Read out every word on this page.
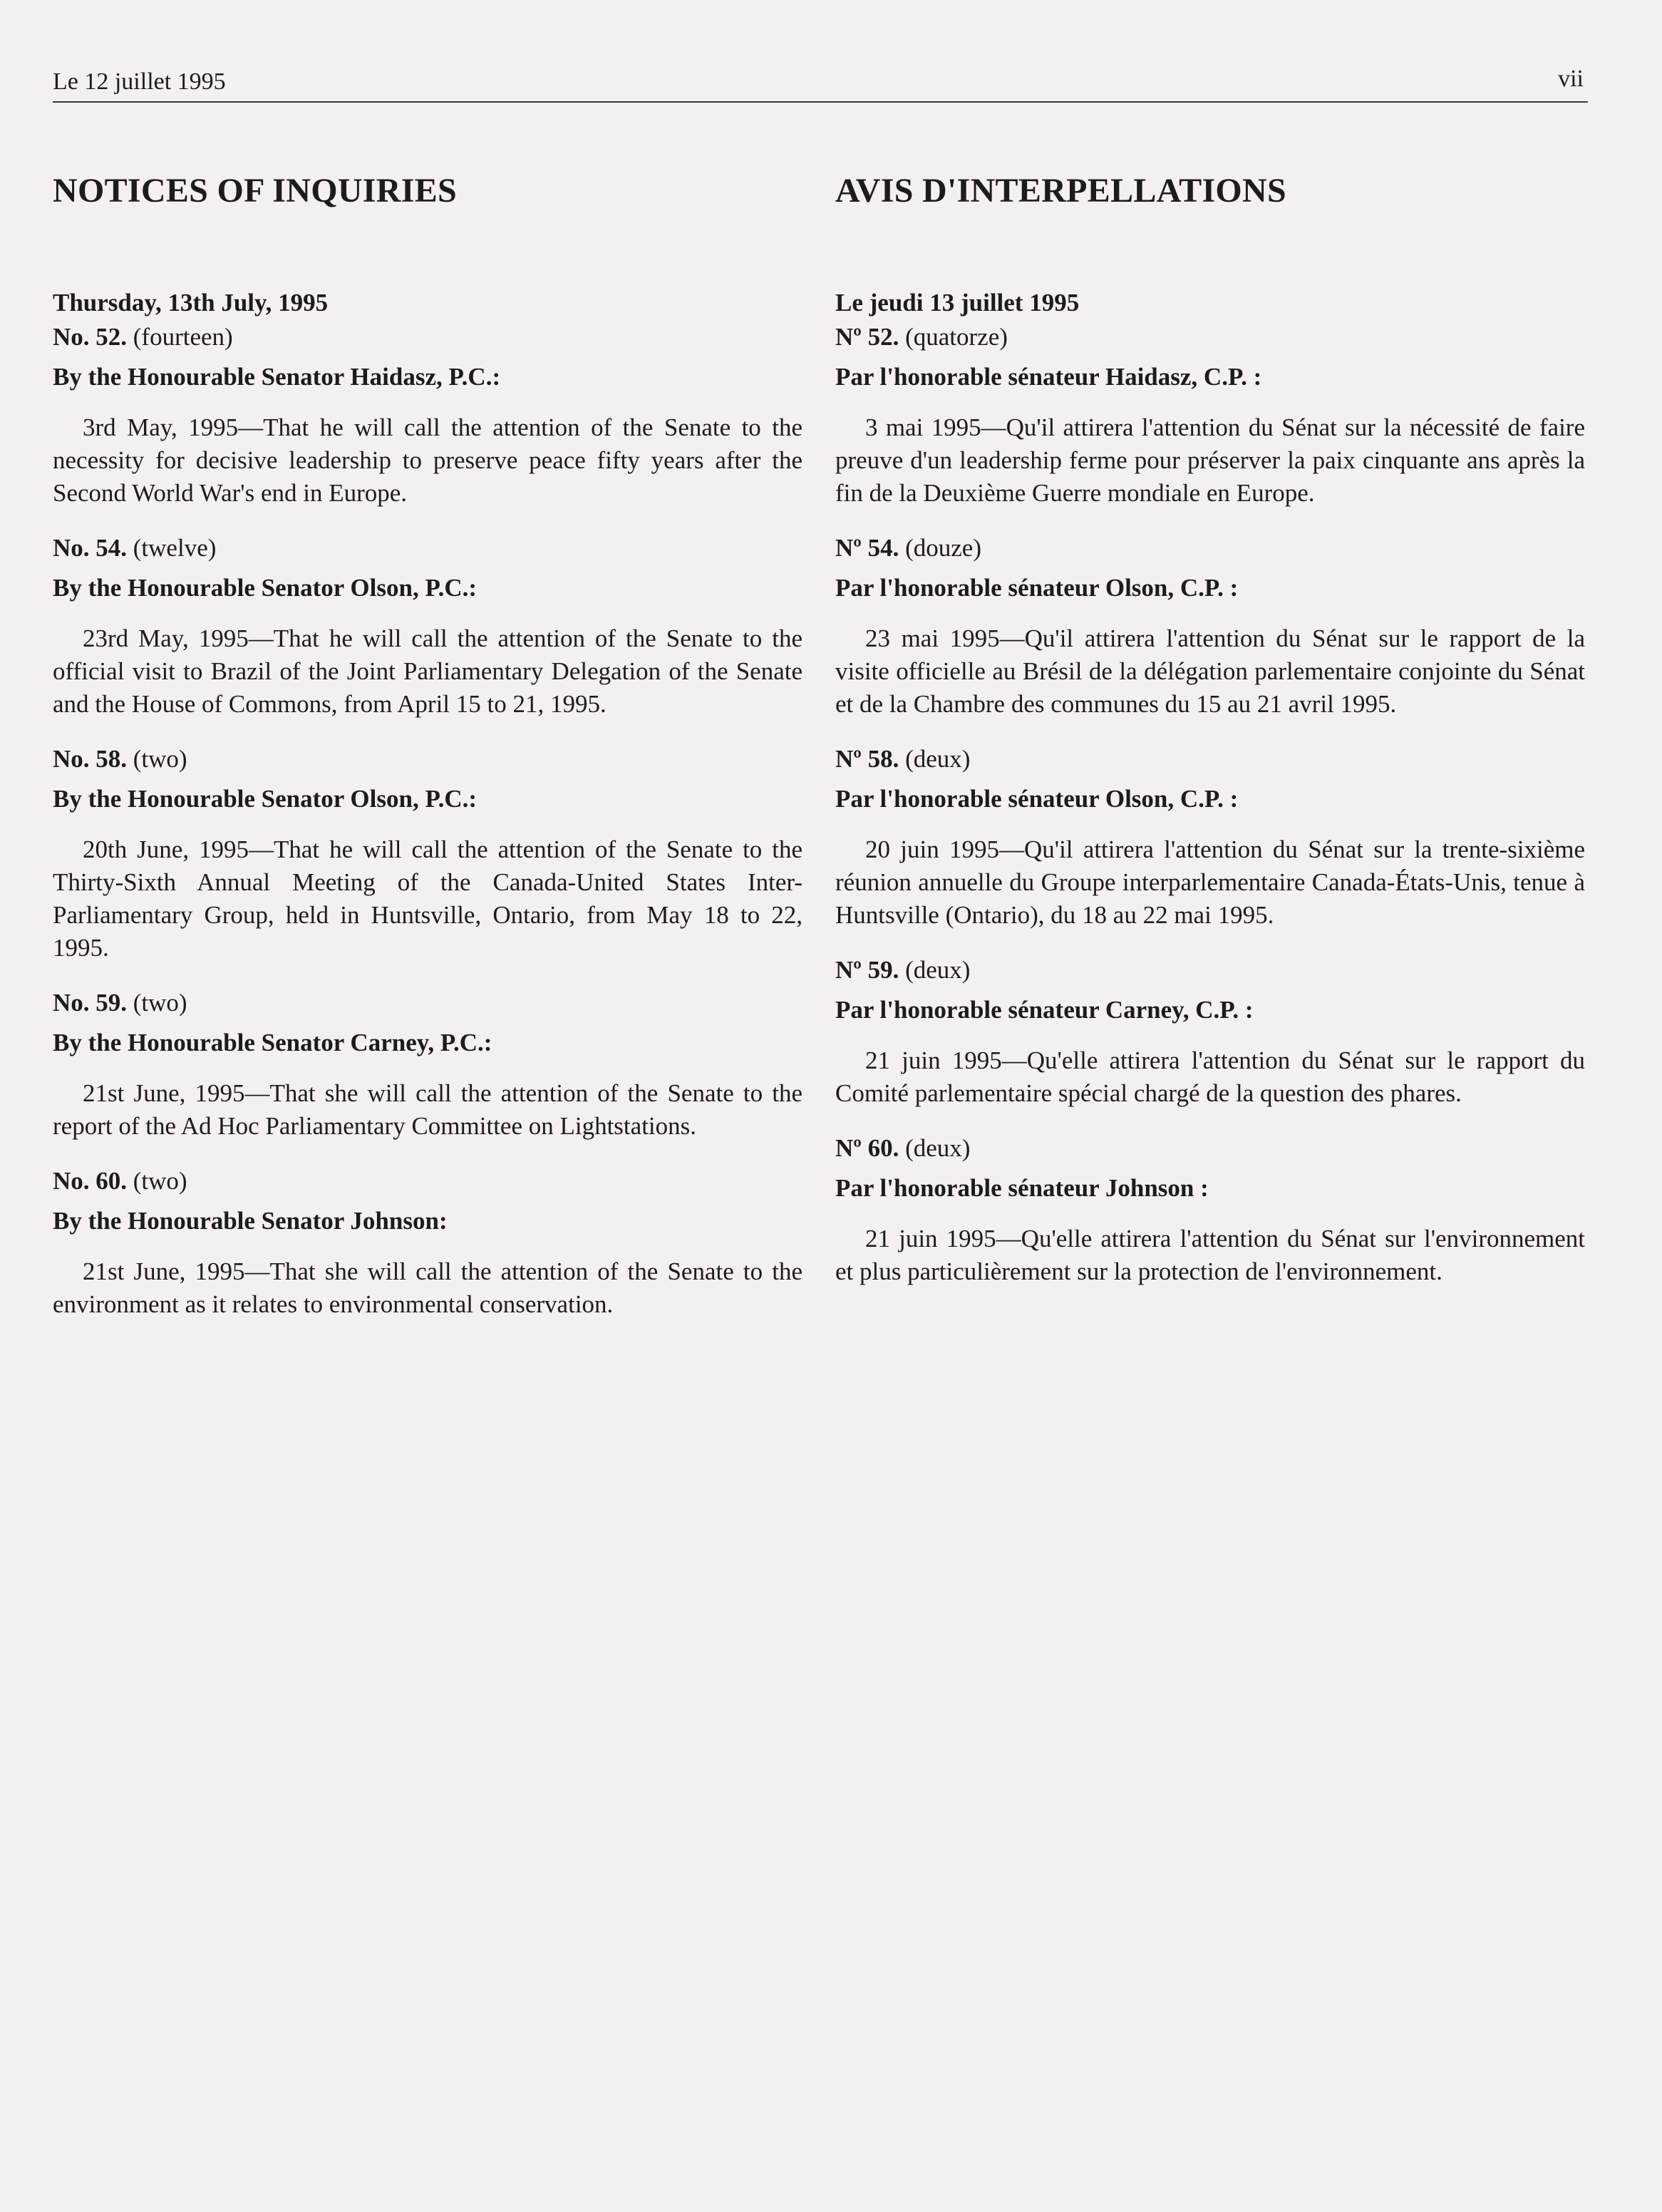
Le 12 juillet 1995	vii
NOTICES OF INQUIRIES
Thursday, 13th July, 1995
No. 52. (fourteen)
By the Honourable Senator Haidasz, P.C.:
3rd May, 1995—That he will call the attention of the Senate to the necessity for decisive leadership to preserve peace fifty years after the Second World War's end in Europe.
No. 54. (twelve)
By the Honourable Senator Olson, P.C.:
23rd May, 1995—That he will call the attention of the Senate to the official visit to Brazil of the Joint Parliamentary Delegation of the Senate and the House of Commons, from April 15 to 21, 1995.
No. 58. (two)
By the Honourable Senator Olson, P.C.:
20th June, 1995—That he will call the attention of the Senate to the Thirty-Sixth Annual Meeting of the Canada-United States Inter-Parliamentary Group, held in Huntsville, Ontario, from May 18 to 22, 1995.
No. 59. (two)
By the Honourable Senator Carney, P.C.:
21st June, 1995—That she will call the attention of the Senate to the report of the Ad Hoc Parliamentary Committee on Lightstations.
No. 60. (two)
By the Honourable Senator Johnson:
21st June, 1995—That she will call the attention of the Senate to the environment as it relates to environmental conservation.
AVIS D'INTERPELLATIONS
Le jeudi 13 juillet 1995
Nº 52. (quatorze)
Par l'honorable sénateur Haidasz, C.P. :
3 mai 1995—Qu'il attirera l'attention du Sénat sur la nécessité de faire preuve d'un leadership ferme pour préserver la paix cinquante ans après la fin de la Deuxième Guerre mondiale en Europe.
Nº 54. (douze)
Par l'honorable sénateur Olson, C.P. :
23 mai 1995—Qu'il attirera l'attention du Sénat sur le rapport de la visite officielle au Brésil de la délégation parlementaire conjointe du Sénat et de la Chambre des communes du 15 au 21 avril 1995.
Nº 58. (deux)
Par l'honorable sénateur Olson, C.P. :
20 juin 1995—Qu'il attirera l'attention du Sénat sur la trente-sixième réunion annuelle du Groupe interparlementaire Canada-États-Unis, tenue à Huntsville (Ontario), du 18 au 22 mai 1995.
Nº 59. (deux)
Par l'honorable sénateur Carney, C.P. :
21 juin 1995—Qu'elle attirera l'attention du Sénat sur le rapport du Comité parlementaire spécial chargé de la question des phares.
Nº 60. (deux)
Par l'honorable sénateur Johnson :
21 juin 1995—Qu'elle attirera l'attention du Sénat sur l'environnement et plus particulièrement sur la protection de l'environnement.
